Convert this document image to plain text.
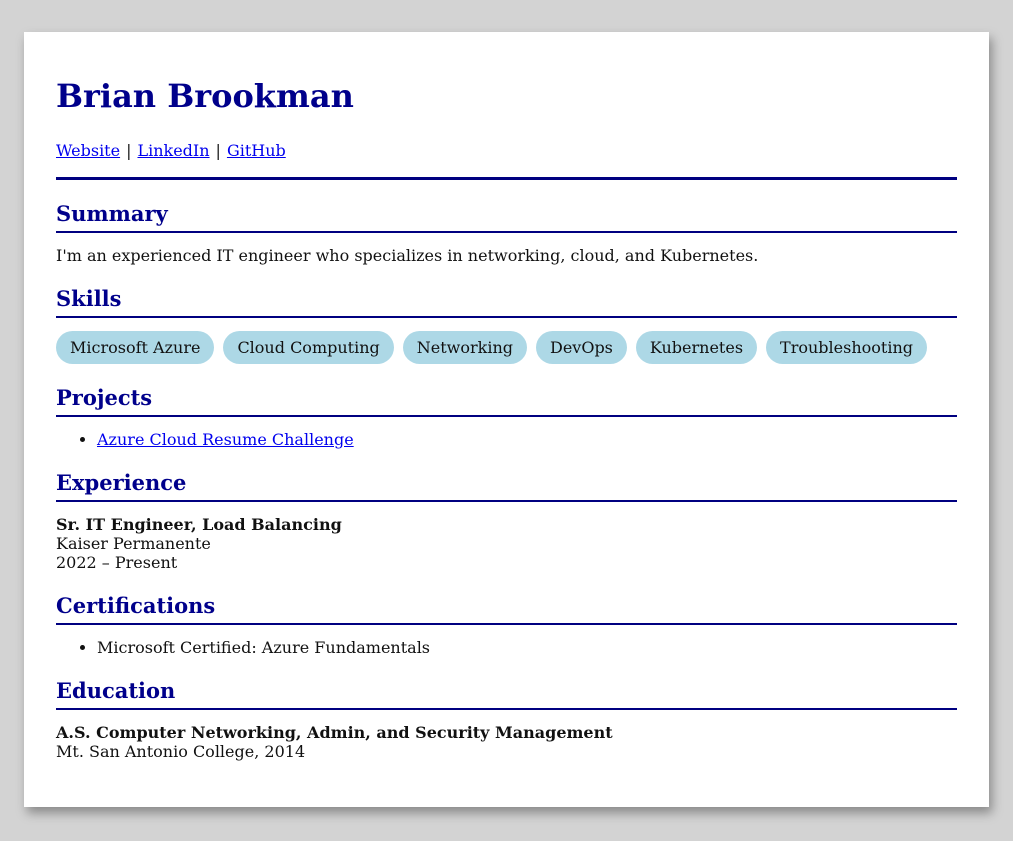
Brian Brookman
Website | LinkedIn | GitHub
Summary

I'm an experienced IT engineer who specializes in networking, cloud, and Kubernetes.

Skills
Microsoft Azure	Cloud Computing	Networking	DevOps	Kubernetes	Troubleshooting
Projects
• Azure Cloud Resume Challenge
Experience
Sr. IT Engineer, Load Balancing
Kaiser Permanente
2022 – Present
Certifications
• Microsoft Certified: Azure Fundamentals
Education
A.S. Computer Networking, Admin, and Security Management
Mt. San Antonio College, 2014
